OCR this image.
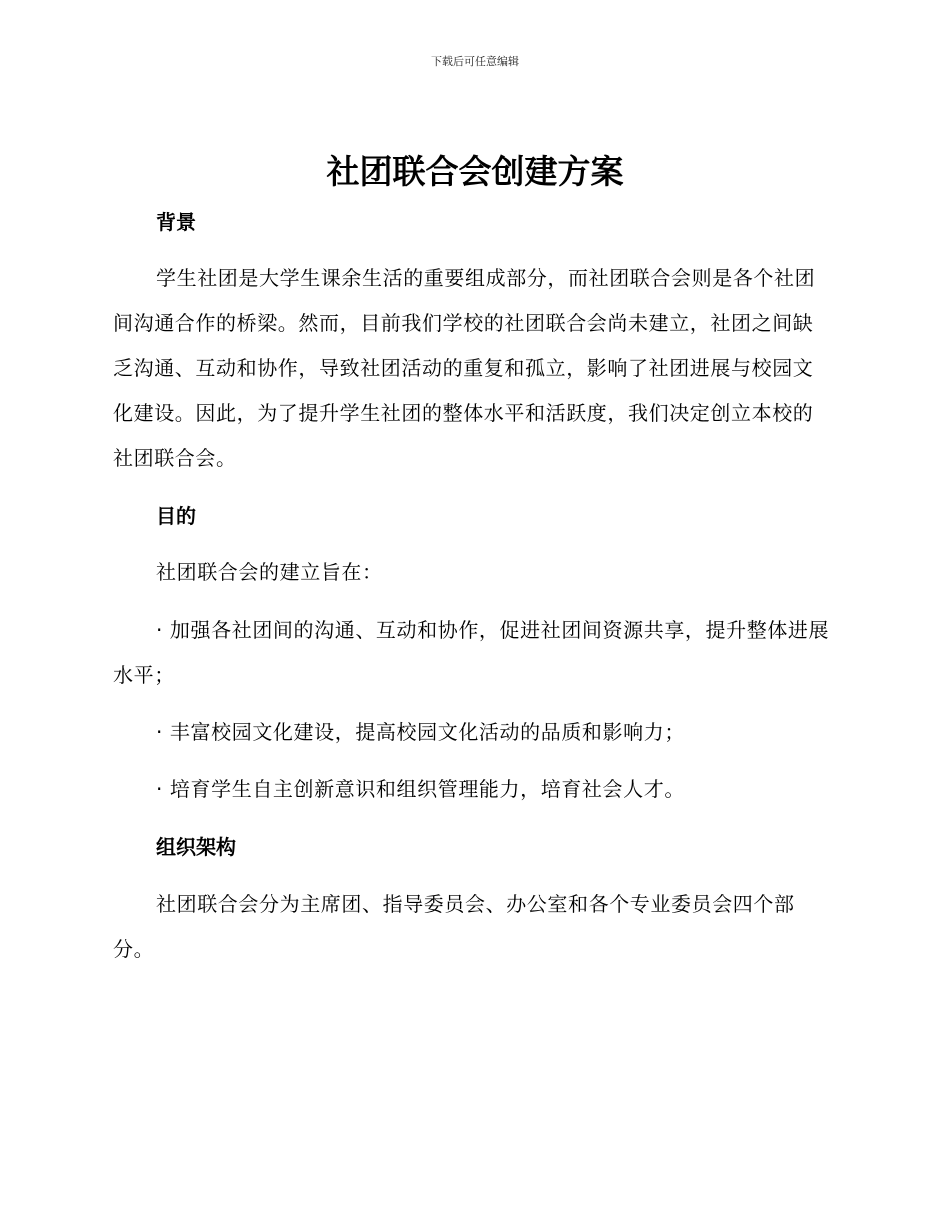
下载后可任意编辑
社团联合会创建方案

背景

学生社团是大学生课余生活的重要组成部分，而社团联合会则是各个社团间沟通合作的桥梁。然而，目前我们学校的社团联合会尚未建立，社团之间缺乏沟通、互动和协作，导致社团活动的重复和孤立，影响了社团进展与校园文化建设。因此，为了提升学生社团的整体水平和活跃度，我们决定创立本校的社团联合会。

目的

社团联合会的建立旨在：

· 加强各社团间的沟通、互动和协作，促进社团间资源共享，提升整体进展水平；

· 丰富校园文化建设，提高校园文化活动的品质和影响力；

· 培育学生自主创新意识和组织管理能力，培育社会人才。

组织架构

社团联合会分为主席团、指导委员会、办公室和各个专业委员会四个部分。
